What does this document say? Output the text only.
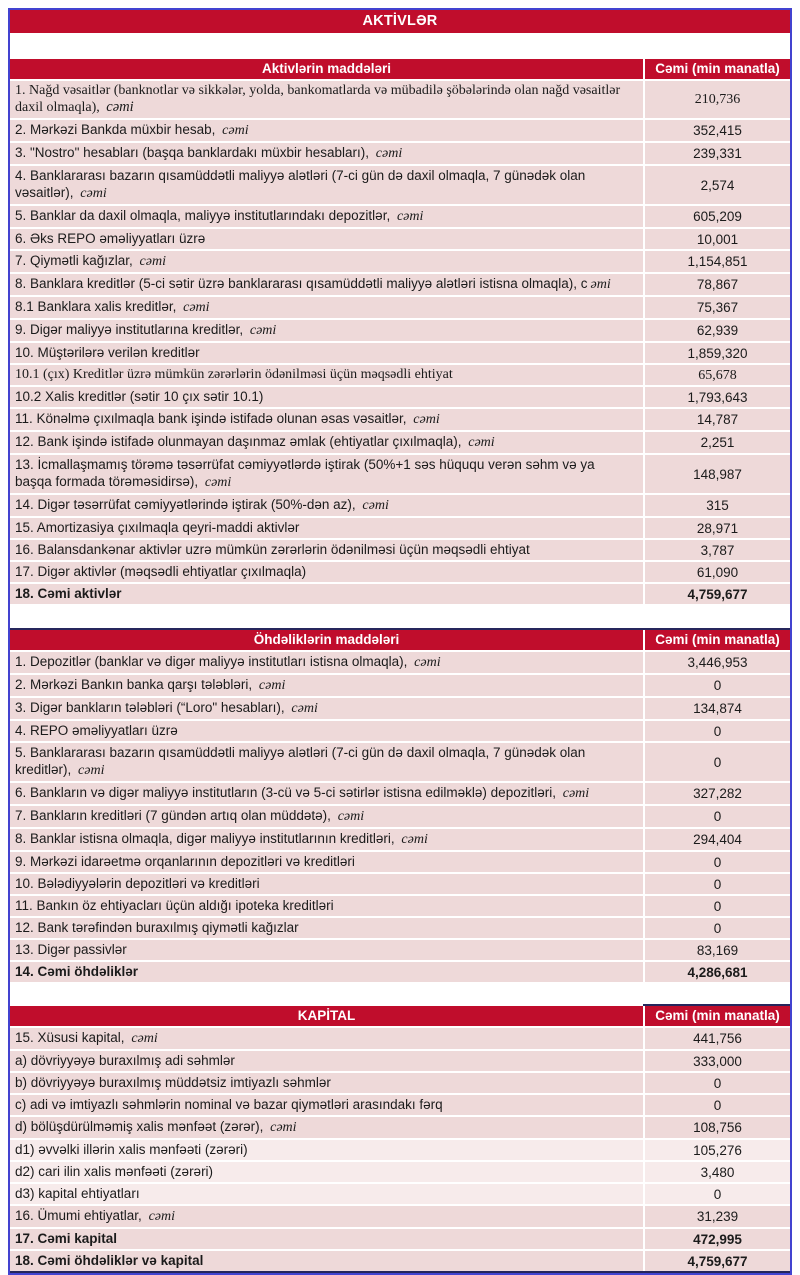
AKTİVLƏR
Aktivlərin maddələri	Cəmi (min manatla)
1. Nağd vəsaitlər (banknotlar və sikkələr, yolda, bankomatlarda və mübadilə şöbələrində olan nağd vəsaitlər daxil olmaqla), cəmi	210,736
2. Mərkəzi Bankda müxbir hesab, cəmi	352,415
3. "Nostro" hesabları (başqa banklardakı müxbir hesabları), cəmi	239,331
4. Banklararası bazarın qısamüddətli maliyyə alətləri (7-ci gün də daxil olmaqla, 7 günədək olan vəsaitlər), cəmi	2,574
5. Banklar da daxil olmaqla, maliyyə institutlarındakı depozitlər, cəmi	605,209
6. Əks REPO əməliyyatları üzrə	10,001
7. Qiymətli kağızlar, cəmi	1,154,851
8. Banklara kreditlər (5-ci sətir üzrə banklararası qısamüddətli maliyyə alətləri istisna olmaqla), c əmi	78,867
8.1 Banklara xalis kreditlər, cəmi	75,367
9. Digər maliyyə institutlarına kreditlər, cəmi	62,939
10. Müştərilərə verilən kreditlər	1,859,320
10.1 (çıx) Kreditlər üzrə mümkün zərərlərin ödənilməsi üçün məqsədli ehtiyat	65,678
10.2 Xalis kreditlər (sətir 10 çıx sətir 10.1)	1,793,643
11. Könəlmə çıxılmaqla bank işində istifadə olunan əsas vəsaitlər, cəmi	14,787
12. Bank işində istifadə olunmayan daşınmaz əmlak (ehtiyatlar çıxılmaqla), cəmi	2,251
13. İcmallaşmamış törəmə təsərrüfat cəmiyyətlərdə iştirak (50%+1 səs hüququ verən səhm və ya başqa formada törəməsidirsə), cəmi	148,987
14. Digər təsərrüfat cəmiyyətlərində iştirak (50%-dən az), cəmi	315
15. Amortizasiya çıxılmaqla qeyri-maddi aktivlər	28,971
16. Balansdankənar aktivlər uzrə mümkün zərərlərin ödənilməsi üçün məqsədli ehtiyat	3,787
17. Digər aktivlər (məqsədli ehtiyatlar çıxılmaqla)	61,090
18. Cəmi aktivlər	4,759,677
Öhdəliklərin maddələri	Cəmi (min manatla)
1. Depozitlər (banklar və digər maliyyə institutları istisna olmaqla), cəmi	3,446,953
2. Mərkəzi Bankın banka qarşı tələbləri, cəmi	0
3. Digər bankların tələbləri (“Loro" hesabları), cəmi	134,874
4. REPO əməliyyatları üzrə	0
5. Banklararası bazarın qısamüddətli maliyyə alətləri (7-ci gün də daxil olmaqla, 7 günədək olan kreditlər), cəmi	0
6. Bankların və digər maliyyə institutların (3-cü və 5-ci sətirlər istisna edilməklə) depozitləri, cəmi	327,282
7. Bankların kreditləri (7 gündən artıq olan müddətə), cəmi	0
8. Banklar istisna olmaqla, digər maliyyə institutlarının kreditləri, cəmi	294,404
9. Mərkəzi idarəetmə orqanlarının depozitləri və kreditləri	0
10. Bələdiyyələrin depozitləri və kreditləri	0
11. Bankın öz ehtiyacları üçün aldığı ipoteka kreditləri	0
12. Bank tərəfindən buraxılmış qiymətli kağızlar	0
13. Digər passivlər	83,169
14. Cəmi öhdəliklər	4,286,681
KAPİTAL	Cəmi (min manatla)
15. Xüsusi kapital, cəmi	441,756
a) dövriyyəyə buraxılmış adi səhmlər	333,000
b) dövriyyəyə buraxılmış müddətsiz imtiyazlı səhmlər	0
c) adi və imtiyazlı səhmlərin nominal və bazar qiymətləri arasındakı fərq	0
d) bölüşdürülməmiş xalis mənfəət (zərər), cəmi	108,756
d1) əvvəlki illərin xalis mənfəəti (zərəri)	105,276
d2) cari ilin xalis mənfəəti (zərəri)	3,480
d3) kapital ehtiyatları	0
16. Ümumi ehtiyatlar, cəmi	31,239
17. Cəmi kapital	472,995
18. Cəmi öhdəliklər və kapital	4,759,677
